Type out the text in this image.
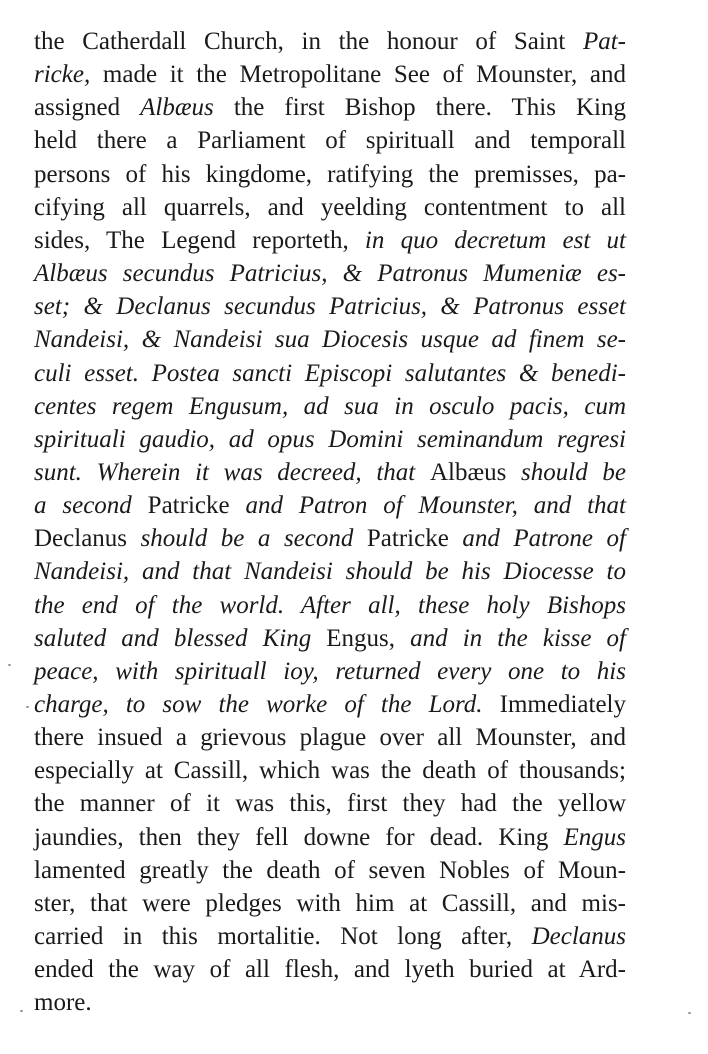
the Catherdall Church, in the honour of Saint Pat-
ricke, made it the Metropolitane See of Mounster, and
assigned Albæus the first Bishop there. This King
held there a Parliament of spirituall and temporall
persons of his kingdome, ratifying the premisses, pa-
cifying all quarrels, and yeelding contentment to all
sides, The Legend reporteth, in quo decretum est ut
Albæus secundus Patricius, & Patronus Mumeniæ es-
set; & Declanus secundus Patricius, & Patronus esset
Nandeisi, & Nandeisi sua Diocesis usque ad finem se-
culi esset. Postea sancti Episcopi salutantes & benedi-
centes regem Engusum, ad sua in osculo pacis, cum
spirituali gaudio, ad opus Domini seminandum regresi
sunt. Wherein it was decreed, that Albæus should be
a second Patricke and Patron of Mounster, and that
Declanus should be a second Patricke and Patrone of
Nandeisi, and that Nandeisi should be his Diocesse to
the end of the world. After all, these holy Bishops
saluted and blessed King Engus, and in the kisse of
peace, with spirituall ioy, returned every one to his
charge, to sow the worke of the Lord. Immediately
there insued a grievous plague over all Mounster, and
especially at Cassill, which was the death of thousands;
the manner of it was this, first they had the yellow
jaundies, then they fell downe for dead. King Engus
lamented greatly the death of seven Nobles of Moun-
ster, that were pledges with him at Cassill, and mis-
carried in this mortalitie. Not long after, Declanus
ended the way of all flesh, and lyeth buried at Ard-
more.
